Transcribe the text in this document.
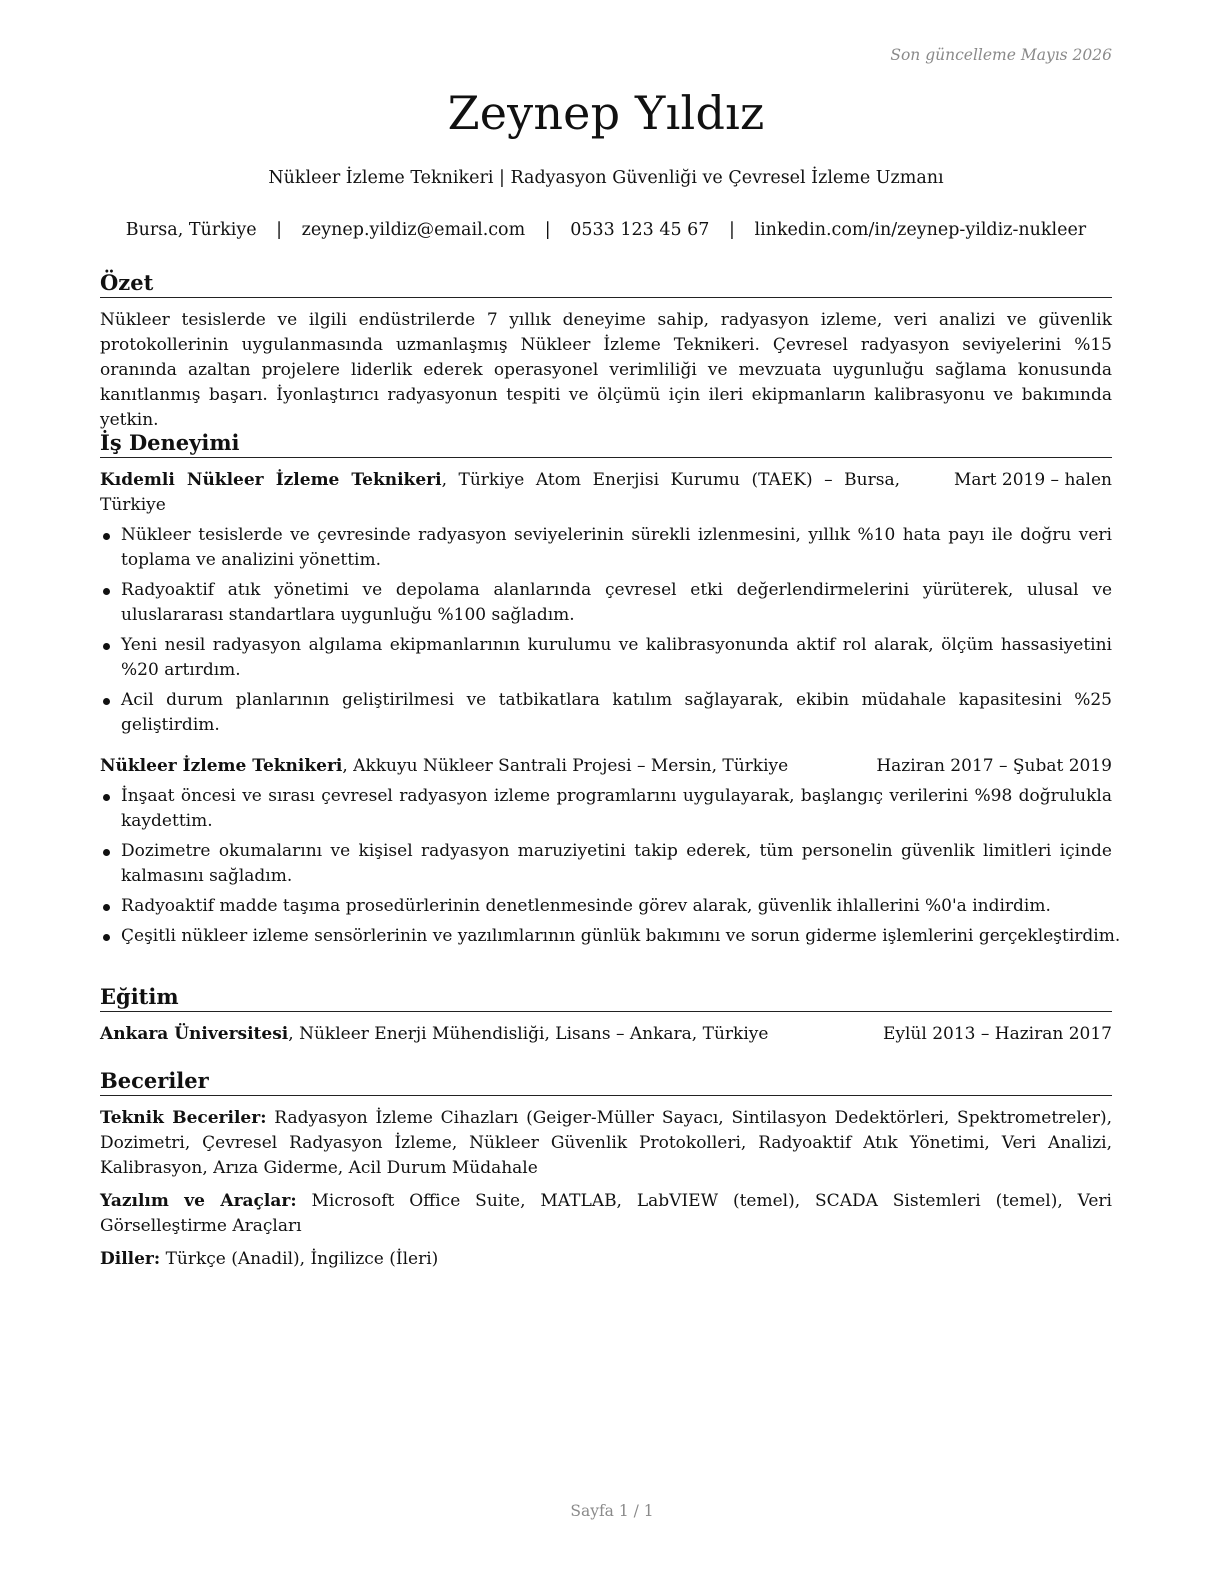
Son güncelleme Mayıs 2026
Zeynep Yıldız
Nükleer İzleme Teknikeri | Radyasyon Güvenliği ve Çevresel İzleme Uzmanı
Bursa, Türkiye | zeynep.yildiz@email.com | 0533 123 45 67 | linkedin.com/in/zeynep-yildiz-nukleer
Özet

Nükleer tesislerde ve ilgili endüstrilerde 7 yıllık deneyime sahip, radyasyon izleme, veri analizi ve güvenlik protokollerinin uygulanmasında uzmanlaşmış Nükleer İzleme Teknikeri. Çevresel radyasyon seviyelerini %15 oranında azaltan projelere liderlik ederek operasyonel verimliliği ve mevzuata uygunluğu sağlama konusunda kanıtlanmış başarı. İyonlaştırıcı radyasyonun tespiti ve ölçümü için ileri ekipmanların kalibrasyonu ve bakımında yetkin.

İş Deneyimi
Kıdemli Nükleer İzleme Teknikeri, Türkiye Atom Enerjisi Kurumu (TAEK) – Bursa, Türkiye
Mart 2019 – halen
Nükleer tesislerde ve çevresinde radyasyon seviyelerinin sürekli izlenmesini, yıllık %10 hata payı ile doğru veri toplama ve analizini yönettim.
Radyoaktif atık yönetimi ve depolama alanlarında çevresel etki değerlendirmelerini yürüterek, ulusal ve uluslararası standartlara uygunluğu %100 sağladım.
Yeni nesil radyasyon algılama ekipmanlarının kurulumu ve kalibrasyonunda aktif rol alarak, ölçüm hassasiyetini %20 artırdım.
Acil durum planlarının geliştirilmesi ve tatbikatlara katılım sağlayarak, ekibin müdahale kapasitesini %25 geliştirdim.
Nükleer İzleme Teknikeri, Akkuyu Nükleer Santrali Projesi – Mersin, Türkiye	Haziran 2017 – Şubat 2019
İnşaat öncesi ve sırası çevresel radyasyon izleme programlarını uygulayarak, başlangıç verilerini %98 doğrulukla kaydettim.
Dozimetre okumalarını ve kişisel radyasyon maruziyetini takip ederek, tüm personelin güvenlik limitleri içinde kalmasını sağladım.
Radyoaktif madde taşıma prosedürlerinin denetlenmesinde görev alarak, güvenlik ihlallerini %0'a indirdim.
Çeşitli nükleer izleme sensörlerinin ve yazılımlarının günlük bakımını ve sorun giderme işlemlerini gerçekleştirdim.
Eğitim
Ankara Üniversitesi, Nükleer Enerji Mühendisliği, Lisans – Ankara, Türkiye	Eylül 2013 – Haziran 2017
Beceriler

Teknik Beceriler: Radyasyon İzleme Cihazları (Geiger-Müller Sayacı, Sintilasyon Dedektörleri, Spektrometreler), Dozimetri, Çevresel Radyasyon İzleme, Nükleer Güvenlik Protokolleri, Radyoaktif Atık Yönetimi, Veri Analizi, Kalibrasyon, Arıza Giderme, Acil Durum Müdahale

Yazılım ve Araçlar: Microsoft Office Suite, MATLAB, LabVIEW (temel), SCADA Sistemleri (temel), Veri Görselleştirme Araçları

Diller: Türkçe (Anadil), İngilizce (İleri)

Sayfa 1 / 1
